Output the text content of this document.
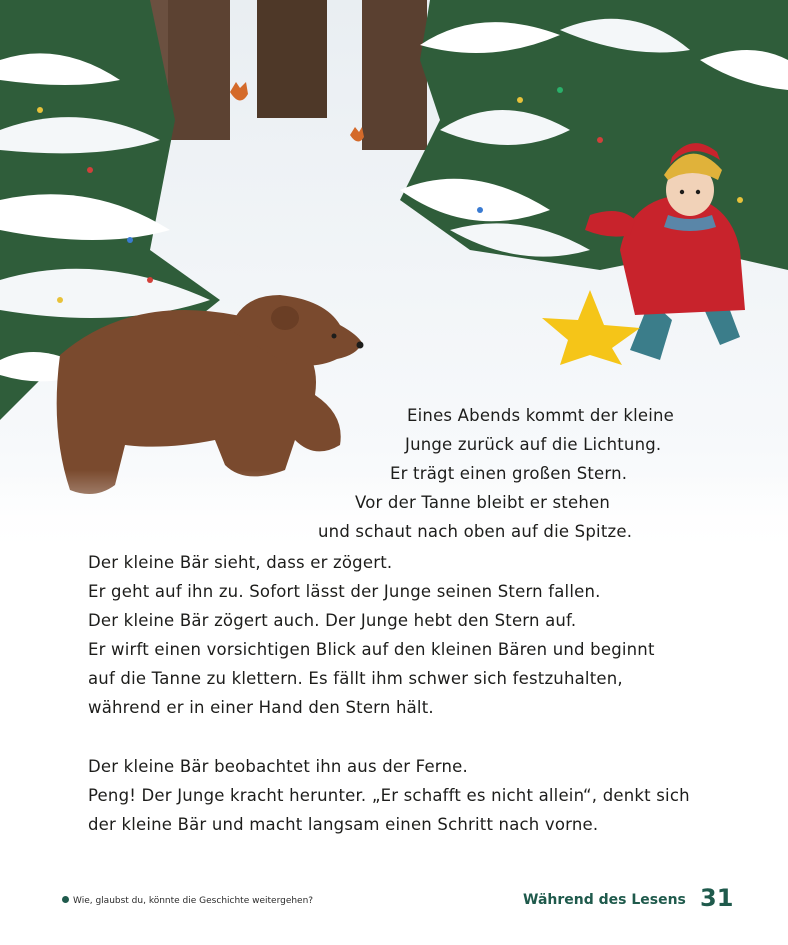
Eines Abends kommt der kleine
Junge zurück auf die Lichtung.
Er trägt einen großen Stern.
Vor der Tanne bleibt er stehen
und schaut nach oben auf die Spitze.
Der kleine Bär sieht, dass er zögert.
Er geht auf ihn zu. Sofort lässt der Junge seinen Stern fallen.
Der kleine Bär zögert auch. Der Junge hebt den Stern auf.
Er wirft einen vorsichtigen Blick auf den kleinen Bären und beginnt
auf die Tanne zu klettern. Es fällt ihm schwer sich festzuhalten,
während er in einer Hand den Stern hält.
Der kleine Bär beobachtet ihn aus der Ferne.
Peng! Der Junge kracht herunter. „Er schafft es nicht allein“, denkt sich
der kleine Bär und macht langsam einen Schritt nach vorne.
Wie, glaubst du, könnte die Geschichte weitergehen?	Während des Lesens 31
